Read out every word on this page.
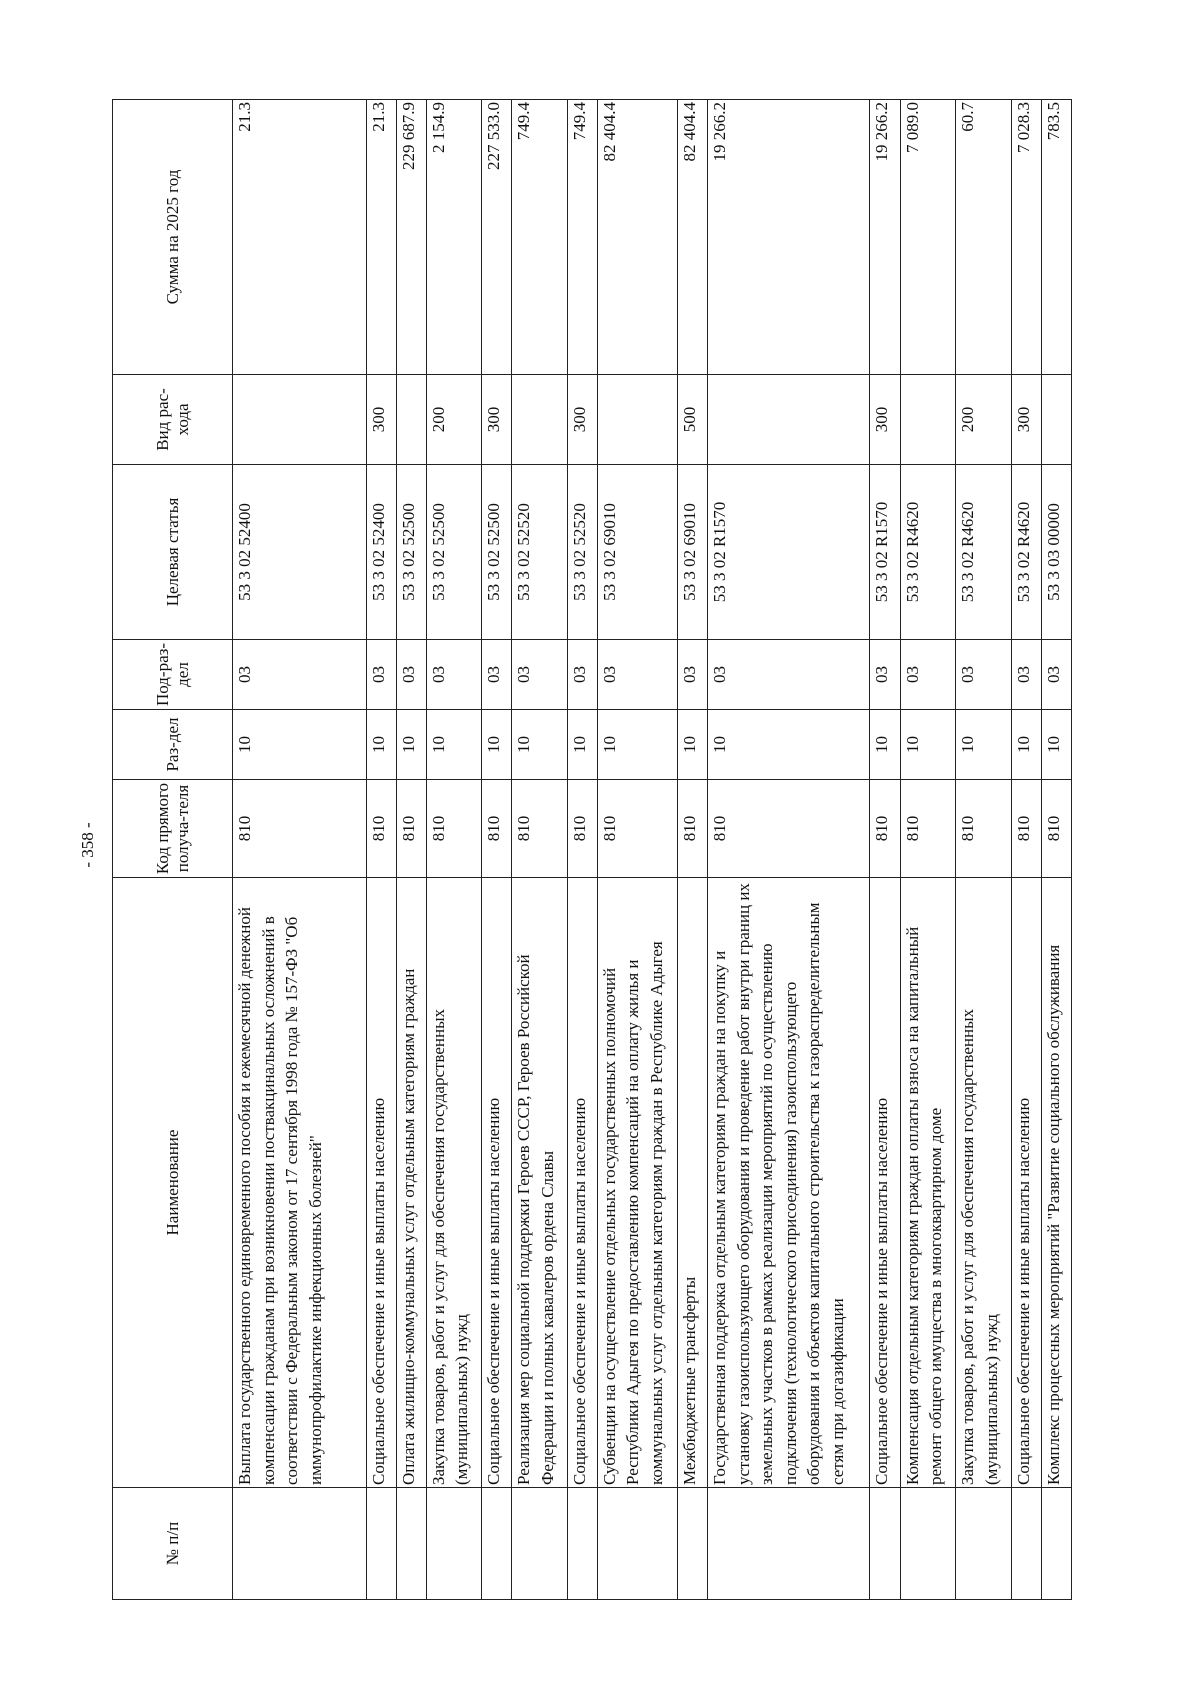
- 358 -
№ п/п	Наименование	Код прямого получа-теля	Раз-дел	Под-раз-дел	Целевая статья	Вид рас-хода	Сумма на 2025 год
	Выплата государственного единовременного пособия и ежемесячной денежной компенсации гражданам при возникновении поствакцинальных осложнений в соответствии с Федеральным законом от 17 сентября 1998 года № 157-ФЗ "Об иммунопрофилактике инфекционных болезней"	810	10	03	53 3 02 52400		21.3
	Социальное обеспечение и иные выплаты населению	810	10	03	53 3 02 52400	300	21.3
	Оплата жилищно-коммунальных услуг отдельным категориям граждан	810	10	03	53 3 02 52500		229 687.9
	Закупка товаров, работ и услуг для обеспечения государственных (муниципальных) нужд	810	10	03	53 3 02 52500	200	2 154.9
	Социальное обеспечение и иные выплаты населению	810	10	03	53 3 02 52500	300	227 533.0
	Реализация мер социальной поддержки Героев СССР, Героев Российской Федерации и полных кавалеров ордена Славы	810	10	03	53 3 02 52520		749.4
	Социальное обеспечение и иные выплаты населению	810	10	03	53 3 02 52520	300	749.4
	Субвенции на осуществление отдельных государственных полномочий Республики Адыгея по предоставлению компенсаций на оплату жилья и коммунальных услуг отдельным категориям граждан в Республике Адыгея	810	10	03	53 3 02 69010		82 404.4
	Межбюджетные трансферты	810	10	03	53 3 02 69010	500	82 404.4
	Государственная поддержка отдельным категориям граждан на покупку и установку газоиспользующего оборудования и проведение работ внутри границ их земельных участков в рамках реализации мероприятий по осуществлению подключения (технологического присоединения) газоиспользующего оборудования и объектов капитального строительства к газораспределительным сетям при догазификации	810	10	03	53 3 02 R1570		19 266.2
	Социальное обеспечение и иные выплаты населению	810	10	03	53 3 02 R1570	300	19 266.2
	Компенсация отдельным категориям граждан оплаты взноса на капитальный ремонт общего имущества в многоквартирном доме	810	10	03	53 3 02 R4620		7 089.0
	Закупка товаров, работ и услуг для обеспечения государственных (муниципальных) нужд	810	10	03	53 3 02 R4620	200	60.7
	Социальное обеспечение и иные выплаты населению	810	10	03	53 3 02 R4620	300	7 028.3
	Комплекс процессных мероприятий "Развитие социального обслуживания	810	10	03	53 3 03 00000		783.5
